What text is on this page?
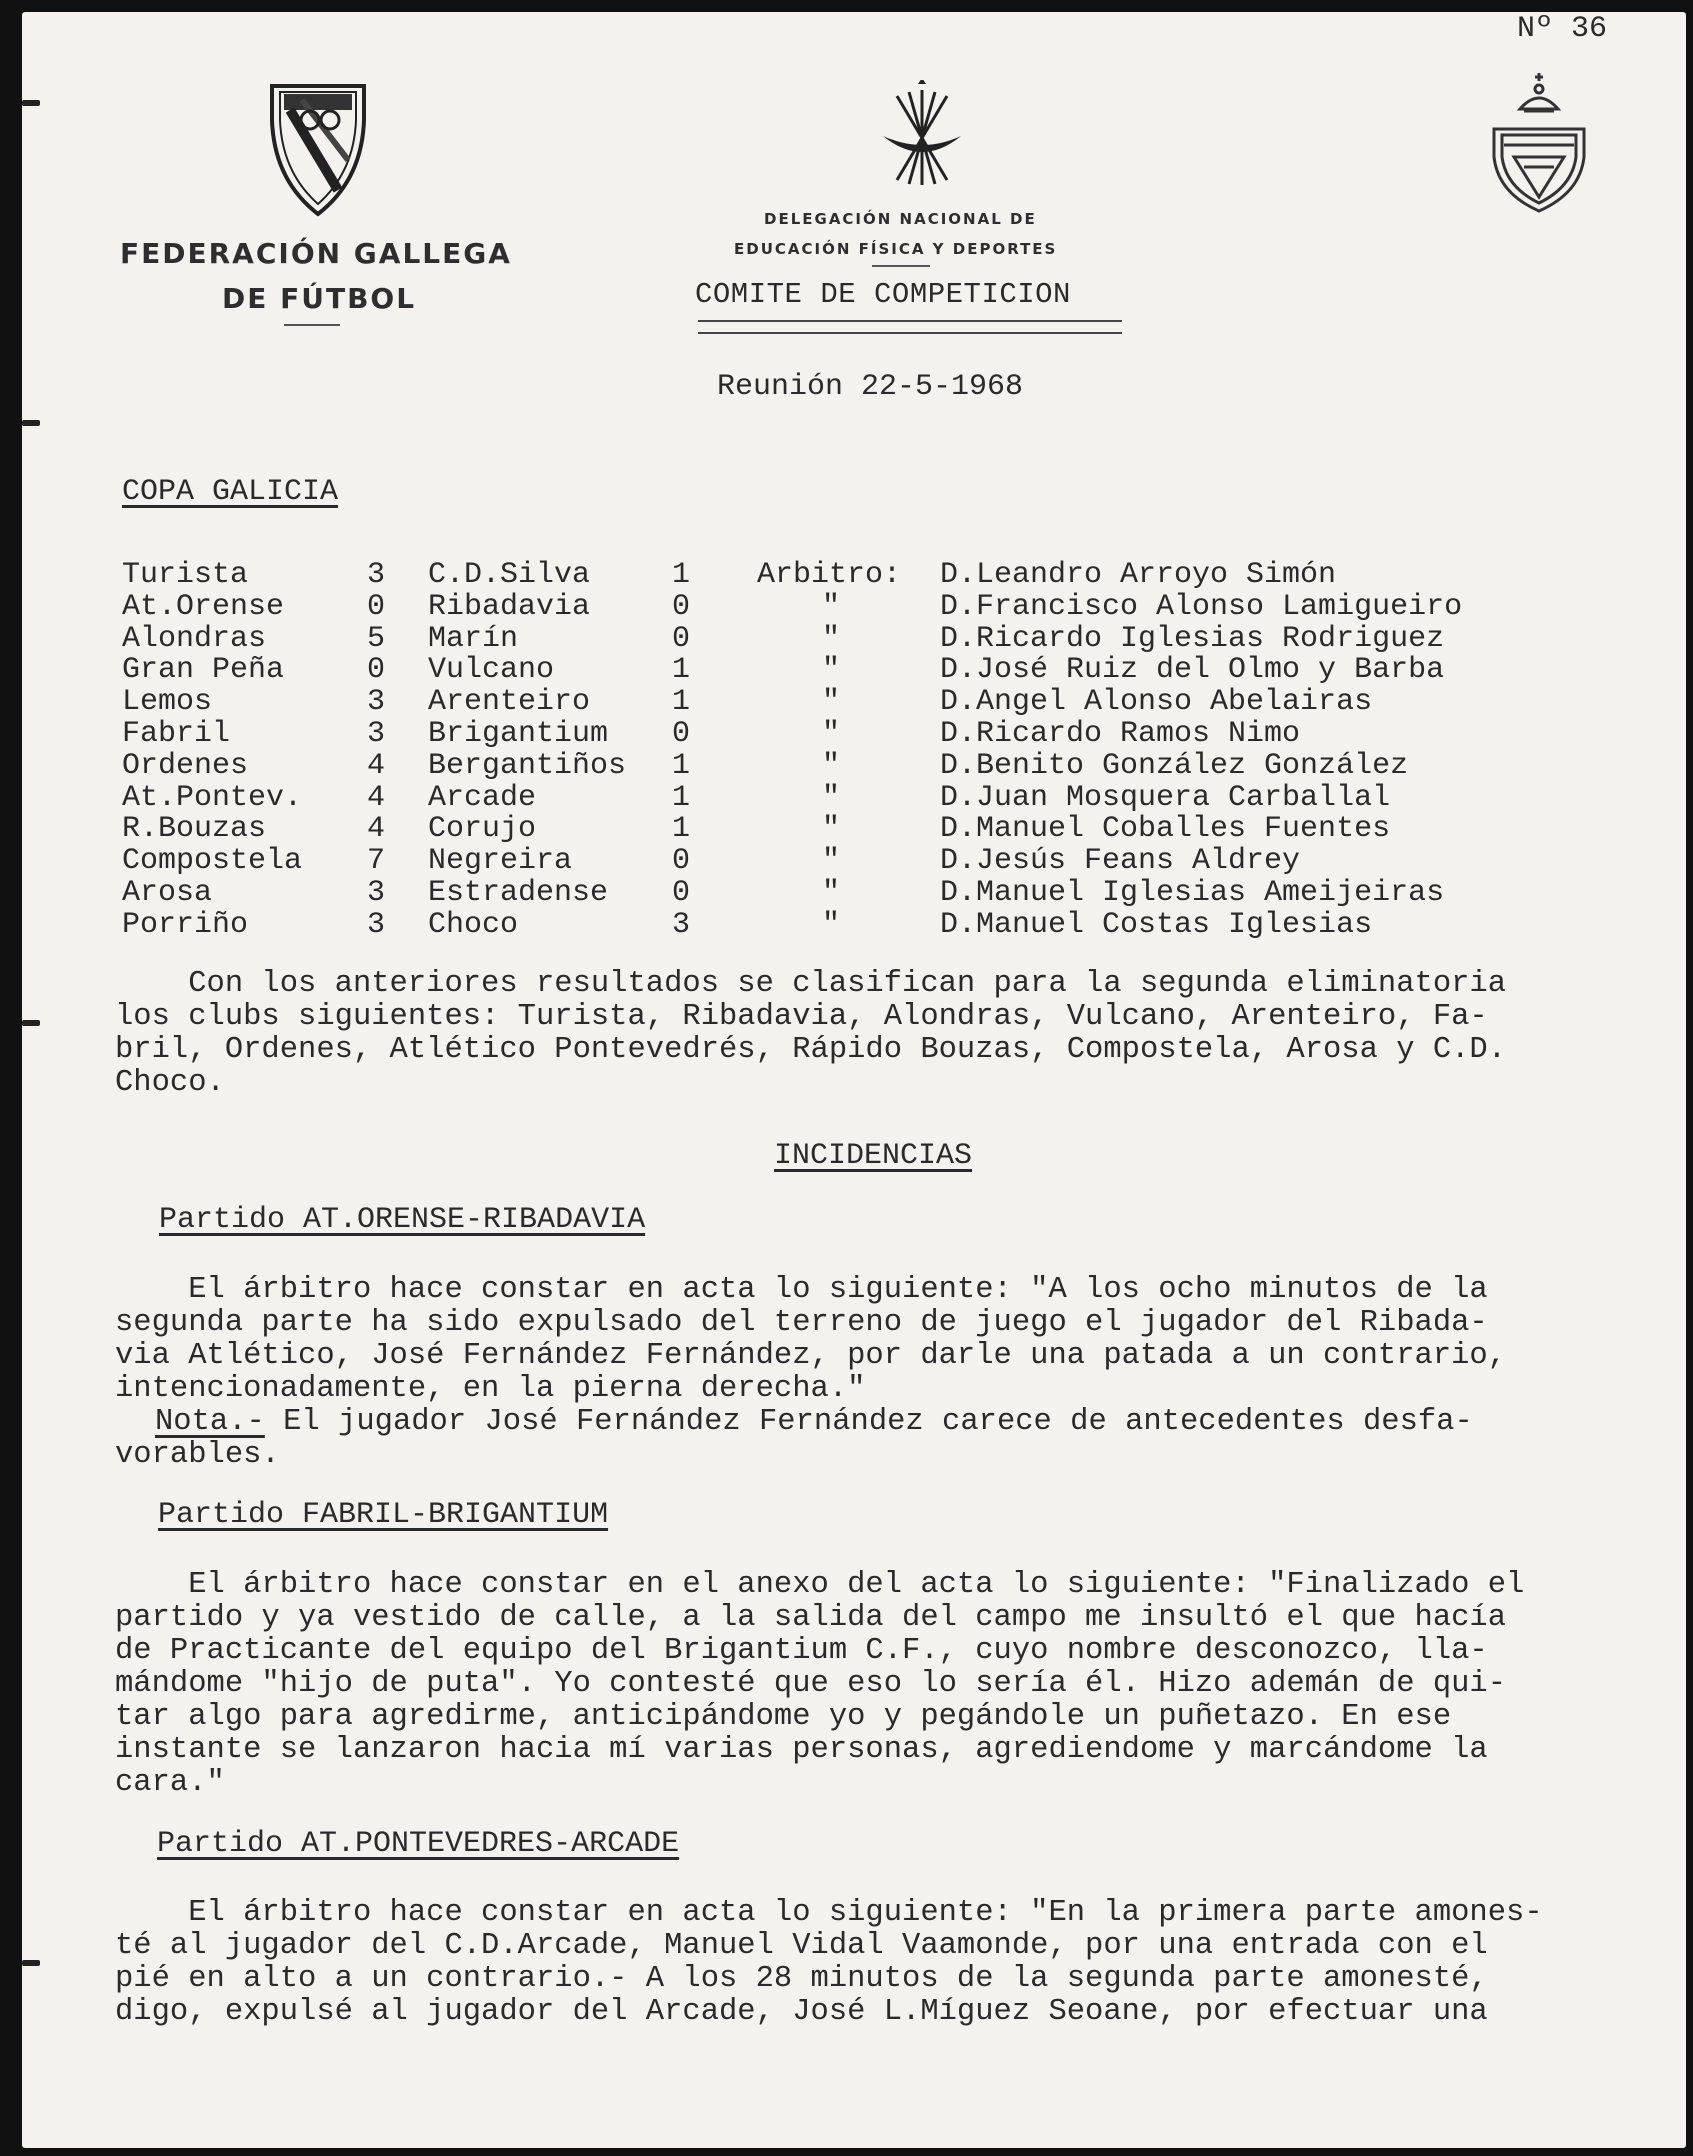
Nº 36
FEDERACIÓN GALLEGA
DE FÚTBOL
DELEGACIÓN NACIONAL DE
EDUCACIÓN FÍSICA Y DEPORTES
COMITE DE COMPETICION
Reunión 22-5-1968
COPA GALICIA
Turista	3 C.D.Silva	1 Arbitro: D.Leandro Arroyo Simón
At.Orense	0 Ribadavia	0	"	D.Francisco Alonso Lamigueiro
Alondras	5 Marín	0	"	D.Ricardo Iglesias Rodriguez
Gran Peña	0 Vulcano	1	"	D.José Ruiz del Olmo y Barba
Lemos	3 Arenteiro	1	"	D.Angel Alonso Abelairas
Fabril	3 Brigantium 0	"	D.Ricardo Ramos Nimo
Ordenes	4 Bergantiños 1	"	D.Benito González González
At.Pontev. 4 Arcade	1	"	D.Juan Mosquera Carballal
R.Bouzas	4 Corujo	1	"	D.Manuel Coballes Fuentes
Compostela 7 Negreira	0	"	D.Jesús Feans Aldrey
Arosa	3 Estradense 0	"	D.Manuel Iglesias Ameijeiras
Porriño	3 Choco	3	"	D.Manuel Costas Iglesias
Con los anteriores resultados se clasifican para la segunda eliminatoria
los clubs siguientes: Turista, Ribadavia, Alondras, Vulcano, Arenteiro, Fa-
bril, Ordenes, Atlético Pontevedrés, Rápido Bouzas, Compostela, Arosa y C.D.
Choco.
INCIDENCIAS
Partido AT.ORENSE-RIBADAVIA
El árbitro hace constar en acta lo siguiente: "A los ocho minutos de la
segunda parte ha sido expulsado del terreno de juego el jugador del Ribada-
via Atlético, José Fernández Fernández, por darle una patada a un contrario,
intencionadamente, en la pierna derecha."
Nota.- El jugador José Fernández Fernández carece de antecedentes desfa-
vorables.
Partido FABRIL-BRIGANTIUM
El árbitro hace constar en el anexo del acta lo siguiente: "Finalizado el
partido y ya vestido de calle, a la salida del campo me insultó el que hacía
de Practicante del equipo del Brigantium C.F., cuyo nombre desconozco, lla-
mándome "hijo de puta". Yo contesté que eso lo sería él. Hizo ademán de qui-
tar algo para agredirme, anticipándome yo y pegándole un puñetazo. En ese
instante se lanzaron hacia mí varias personas, agrediendome y marcándome la
cara."
Partido AT.PONTEVEDRES-ARCADE
El árbitro hace constar en acta lo siguiente: "En la primera parte amones-
té al jugador del C.D.Arcade, Manuel Vidal Vaamonde, por una entrada con el
pié en alto a un contrario.- A los 28 minutos de la segunda parte amonesté,
digo, expulsé al jugador del Arcade, José L.Míguez Seoane, por efectuar una
